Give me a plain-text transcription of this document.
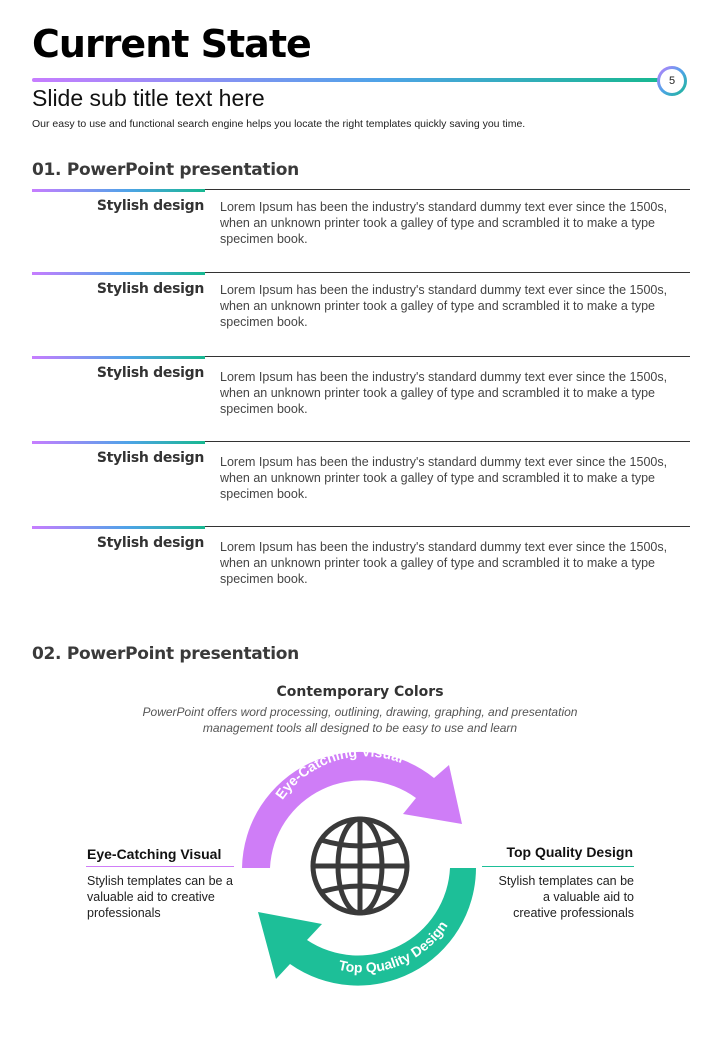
Current State
5
Slide sub title text here
Our easy to use and functional search engine helps you locate the right templates quickly saving you time.
01. PowerPoint presentation
Stylish design Lorem Ipsum has been the industry's standard dummy text ever since the 1500s, when an unknown printer took a galley of type and scrambled it to make a type specimen book.
Stylish design Lorem Ipsum has been the industry's standard dummy text ever since the 1500s, when an unknown printer took a galley of type and scrambled it to make a type specimen book.
Stylish design Lorem Ipsum has been the industry's standard dummy text ever since the 1500s, when an unknown printer took a galley of type and scrambled it to make a type specimen book.
Stylish design Lorem Ipsum has been the industry's standard dummy text ever since the 1500s, when an unknown printer took a galley of type and scrambled it to make a type specimen book.
Stylish design Lorem Ipsum has been the industry's standard dummy text ever since the 1500s, when an unknown printer took a galley of type and scrambled it to make a type specimen book.
02. PowerPoint presentation
Contemporary Colors
PowerPoint offers word processing, outlining, drawing, graphing, and presentation management tools all designed to be easy to use and learn
Eye-Catching Visual
Top Quality Design
Eye-Catching Visual
Stylish templates can be a valuable aid to creative professionals
Top Quality Design
Stylish templates can be a valuable aid to creative professionals
